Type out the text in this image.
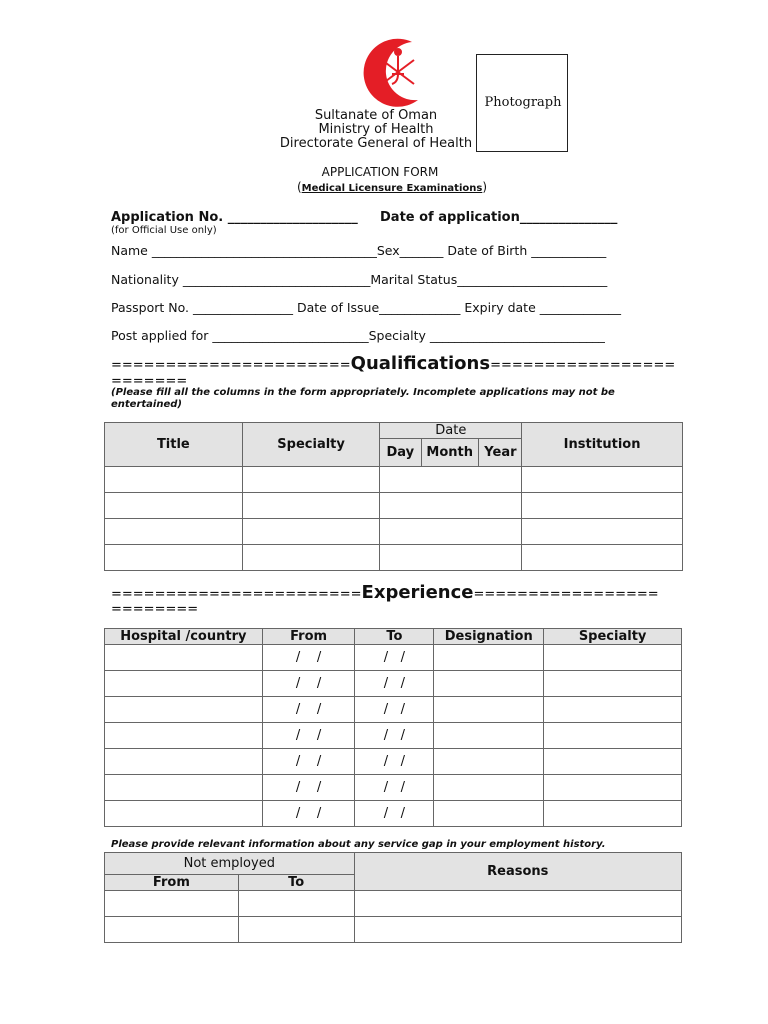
Photograph
Sultanate of Oman
Ministry of Health
Directorate General of Health
APPLICATION FORM
(Medical Licensure Examinations)
Application No. ____________________ Date of application_______________
(for Official Use only)
Name ____________________________________Sex_______ Date of Birth ____________
Nationality ______________________________Marital Status________________________
Passport No. ________________ Date of Issue_____________ Expiry date _____________
Post applied for _________________________Specialty ____________________________
======================Qualifications=================
=======
(Please fill all the columns in the form appropriately. Incomplete applications may not be entertained)
Title	Specialty	Date			Institution
		Day	Month	Year	

=======================Experience=================
========
Hospital /country	From	To	Designation	Specialty
	/    /	/   /		
	/    /	/   /		
	/    /	/   /		
	/    /	/   /		
	/    /	/   /		
	/    /	/   /		
	/    /	/   /		
Please provide relevant information about any service gap in your employment history.
Not employed		Reasons
From	To	
